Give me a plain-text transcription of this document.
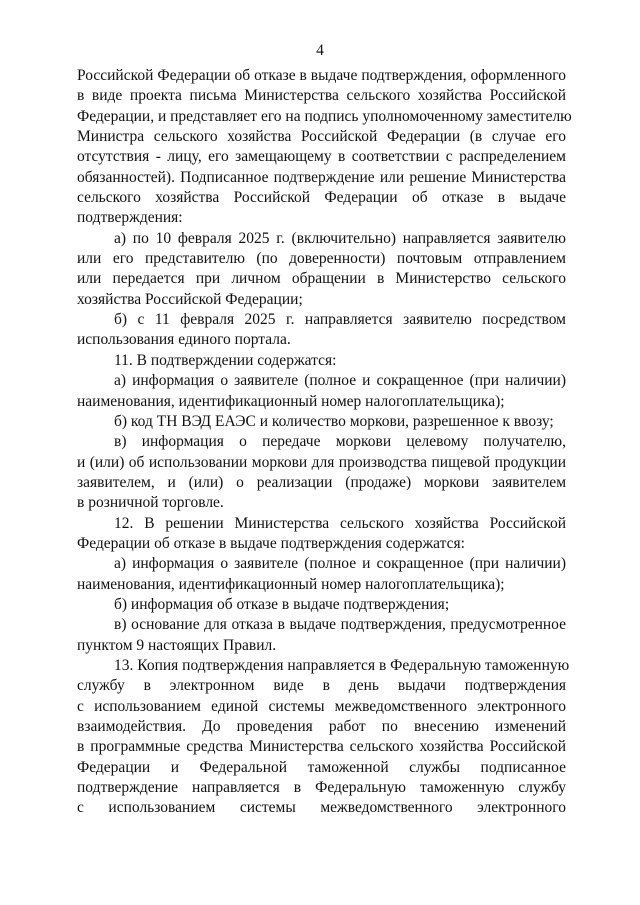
4
Российской Федерации об отказе в выдаче подтверждения, оформленного
в виде проекта письма Министерства сельского хозяйства Российской
Федерации, и представляет его на подпись уполномоченному заместителю
Министра сельского хозяйства Российской Федерации (в случае его
отсутствия - лицу, его замещающему в соответствии с распределением
обязанностей). Подписанное подтверждение или решение Министерства
сельского хозяйства Российской Федерации об отказе в выдаче
подтверждения:
а) по 10 февраля 2025 г. (включительно) направляется заявителю
или его представителю (по доверенности) почтовым отправлением
или передается при личном обращении в Министерство сельского
хозяйства Российской Федерации;
б) с 11 февраля 2025 г. направляется заявителю посредством
использования единого портала.
11. В подтверждении содержатся:
а) информация о заявителе (полное и сокращенное (при наличии)
наименования, идентификационный номер налогоплательщика);
б) код ТН ВЭД ЕАЭС и количество моркови, разрешенное к ввозу;
в) информация о передаче моркови целевому получателю,
и (или) об использовании моркови для производства пищевой продукции
заявителем, и (или) о реализации (продаже) моркови заявителем
в розничной торговле.
12. В решении Министерства сельского хозяйства Российской
Федерации об отказе в выдаче подтверждения содержатся:
а) информация о заявителе (полное и сокращенное (при наличии)
наименования, идентификационный номер налогоплательщика);
б) информация об отказе в выдаче подтверждения;
в) основание для отказа в выдаче подтверждения, предусмотренное
пунктом 9 настоящих Правил.
13. Копия подтверждения направляется в Федеральную таможенную
службу в электронном виде в день выдачи подтверждения
с использованием единой системы межведомственного электронного
взаимодействия. До проведения работ по внесению изменений
в программные средства Министерства сельского хозяйства Российской
Федерации и Федеральной таможенной службы подписанное
подтверждение направляется в Федеральную таможенную службу
с использованием системы межведомственного электронного
